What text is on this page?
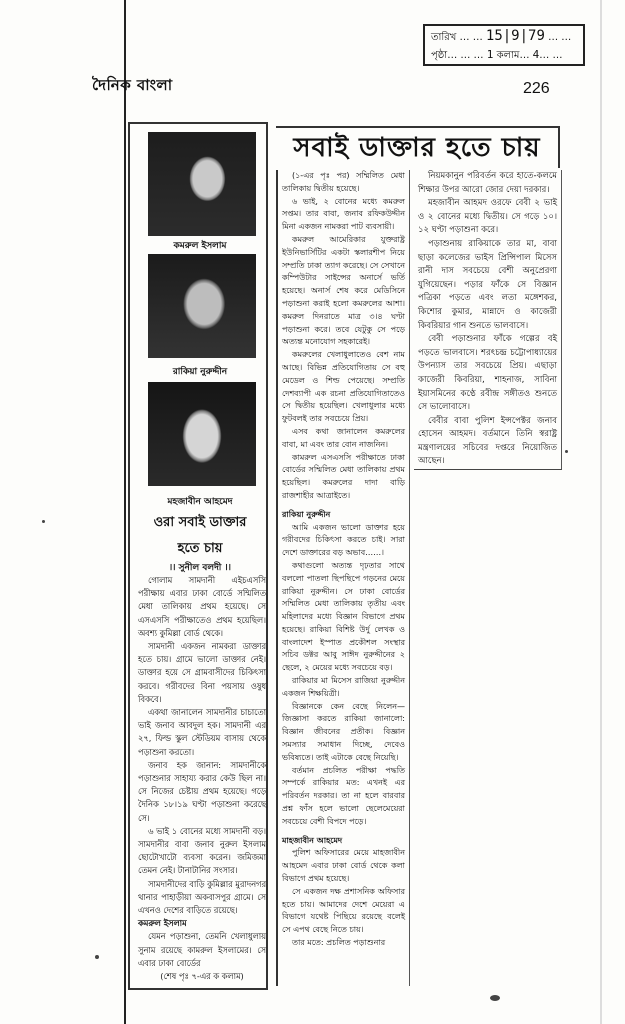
দৈনিক বাংলা
তারিখ … … 15|9|79 … …
পৃষ্ঠা… … … 1 কলাম… 4… …
226
কমরুল ইসলাম
রাকিয়া নুরুদ্দীন
মহজাবীন আহমেদ
ওরা সবাই ডাক্তার
হতে চায়
।। সুনীল বলদী ।।

গোলাম সামদানী এইচএসসি পরীক্ষায় এবার ঢাকা বোর্ডে সম্মিলিত মেধা তালিকায় প্রথম হয়েছে। সে এসএসসি পরীক্ষাতেও প্রথম হয়েছিল। অবশ্য কুমিল্লা বোর্ড থেকে।

সামদানী একজন নামকরা ডাক্তার হতে চায়। গ্রামে ভালো ডাক্তার নেই। ডাক্তার হয়ে সে গ্রামবাসীদের চিকিৎসা করবে। গরীবদের বিনা পয়সায় ওষুধ বিকবে।

একথা জানালেন সামদানীর চাচাতো ভাই জনাব আবদুল হক। সামদানী এর ২৭, ফিল্ড স্কুল স্টেডিয়ম বাসায় থেকে পড়াশুনা করতো।

জনাব হক জানান: সামদানীকে পড়াশুনার সাহায্য করার কেউ ছিল না। সে নিজের চেষ্টায় প্রথম হয়েছে। গড়ে দৈনিক ১৮।১৯ ঘণ্টা পড়াশুনা করেছে সে।

৬ ভাই ১ বোনের মধ্যে সামদানী বড়। সামদানীর বাবা জনাব নুরুল ইসলাম ছোটোখাটো ব্যবসা করেন। জমিজমা তেমন নেই। টানাটানির সংসার।

সামদানীদের বাড়ি কুমিল্লার মুরাদনগর থানার পাহাড়ীয়া অকবাসপুর গ্রামে। সে এখনও দেশের বাড়িতে রয়েছে।

কমরুল ইসলাম

যেমন পড়াশুনা, তেমনি খেলাধুলায় সুনাম রয়েছে কামরুল ইসলামের। সে এবার ঢাকা বোর্ডের

(শেষ পৃঃ ৭-এর ক কলাম)

সবাই ডাক্তার হতে চায়

(১-এর পৃঃ পর) সম্মিলিত মেধা তালিকায় দ্বিতীয় হয়েছে।

৬ ভাই, ২ বোনের মধ্যে কমরুল সপ্তম। তার বাবা, জনাব রফিকউদ্দীন মিনা একজন নামকরা পাট ব্যবসায়ী।

কমরুল আমেরিকার যুক্তরাষ্ট্র ইউনিভার্সিটির একটা স্কলারশীপ নিয়ে সম্প্রতি ঢাকা ত্যাগ করেছে। সে সেখানে কম্পিউটার সাইন্সের অনার্সে ভর্তি হয়েছে। অনার্স শেষ করে মেডিসিনে পড়াশুনা করাই হলো কমরুলের আশা। কমরুল দিনরাতে মাত্র ৩।৪ ঘণ্টা পড়াশুনা করে। তবে যেটুকু সে পড়ে অত্যন্ত মনোযোগ সহকারেই।

কমরুলের খেলাধুলাতেও বেশ নাম আছে। বিভিন্ন প্রতিযোগিতায় সে বহু মেডেল ও শিল্ড পেয়েছে। সম্প্রতি দেশব্যাপী এক রচনা প্রতিযোগিতাতেও সে দ্বিতীয় হয়েছিল। খেলাধুলার মধ্যে ফুটবলই তার সবচেয়ে প্রিয়।

এসব কথা জানালেন কমরুলের বাবা, মা এবং তার বোন নাজনিন।

কামরুল এসএসসি পরীক্ষাতে ঢাকা বোর্ডের সম্মিলিত মেধা তালিকায় প্রথম হয়েছিল। কমরুলের দাদা বাড়ি রাজশাহীর আত্রাইতে।

রাকিয়া নুরুদ্দীন

আমি একজন ভালো ডাক্তার হয়ে গরীবদের চিকিৎসা করতে চাই। সারা দেশে ডাক্তারের বড় অভাব……।

কথাগুলো অত্যন্ত দৃঢ়তার সাথে বললো পাতলা ছিপছিপে গড়নের মেয়ে রাকিয়া নুরুদ্দীন। সে ঢাকা বোর্ডের সম্মিলিত মেধা তালিকায় তৃতীয় এবং মহিলাদের মধ্যে বিজ্ঞান বিভাগে প্রথম হয়েছে। রাকিয়া বিশিষ্ট উর্দু লেখক ও বাংলাদেশ ইস্পাত প্রকৌশল সংস্থার সচিব ডক্টর আবু সাঈদ নুরুদ্দীনের ২ ছেলে, ২ মেয়ের মধ্যে সবচেয়ে বড়।

রাকিয়ার মা মিসেস রাজিয়া নুরুদ্দীন একজন শিক্ষয়িত্রী।

বিজ্ঞানকে কেন বেছে নিলেন— জিজ্ঞাসা করতে রাকিয়া জানালো: বিজ্ঞান জীবনের প্রতীক। বিজ্ঞান সমস্যার সমাধান দিচ্ছে, দেবেও ভবিষ্যতে। তাই এটাকে বেছে নিয়েছি।

বর্তমান প্রচলিত পরীক্ষা পদ্ধতি সম্পর্কে রাকিয়ার মত: এখনই এর পরিবর্তন দরকার। তা না হলে বারবার প্রশ্ন ফাঁস হলে ভালো ছেলেমেয়েরা সবচেয়ে বেশী বিপদে পড়ে।

মাহজাবীন আহমেদ

পুলিশ অফিসারের মেয়ে মাহজাবীন আহমেদ এবার ঢাকা বোর্ড থেকে কলা বিভাগে প্রথম হয়েছে।

সে একজন দক্ষ প্রশাসনিক অফিসার হতে চায়। আমাদের দেশে মেয়েরা এ বিভাগে যথেষ্ট পিছিয়ে রয়েছে বলেই সে এপথ বেছে নিতে চায়।

তার মতে: প্রচলিত পড়াশুনার

নিয়মকানুন পরিবর্তন করে হাতে-কলমে শিক্ষার উপর আরো জোর দেয়া দরকার।

মহজাবীন আহমদ ওরফে বেবী ২ ভাই ও ২ বোনের মধ্যে দ্বিতীয়। সে গড়ে ১০।১২ ঘণ্টা পড়াশুনা করে।

পড়াশুনায় রাকিয়াকে তার মা, বাবা ছাড়া কলেজের ভাইস প্রিন্সিপাল মিসেস রানী দাস সবচেয়ে বেশী অনুপ্রেরণা যুগিয়েছেন। পড়ার ফাঁকে সে বিজ্ঞান পত্রিকা পড়তে এবং লতা মঙ্গেশকর, কিশোর কুমার, মান্নাদে ও কাজেরী কিবরিয়ার গান শুনতে ভালবাসে।

বেবী পড়াশুনার ফাঁকে গল্পের বই পড়তে ভালবাসে। শরৎচন্দ্র্র চট্টোপাধ্যায়ের উপন্যাস তার সবচেয়ে প্রিয়। এছাড়া কাজেরী কিবরিয়া, শাহনাজ, সাবিনা ইয়াসমিনের কণ্ঠে রবীন্দ্র সঙ্গীতও শুনতে সে ভালোবাসে।

বেবীর বাবা পুলিশ ইন্সপেক্টর জনাব হোসেন আহমদ। বর্তমানে তিনি স্বরাষ্ট্র মন্ত্রণালয়ের সচিবের দপ্তরে নিয়োজিত আছেন।
